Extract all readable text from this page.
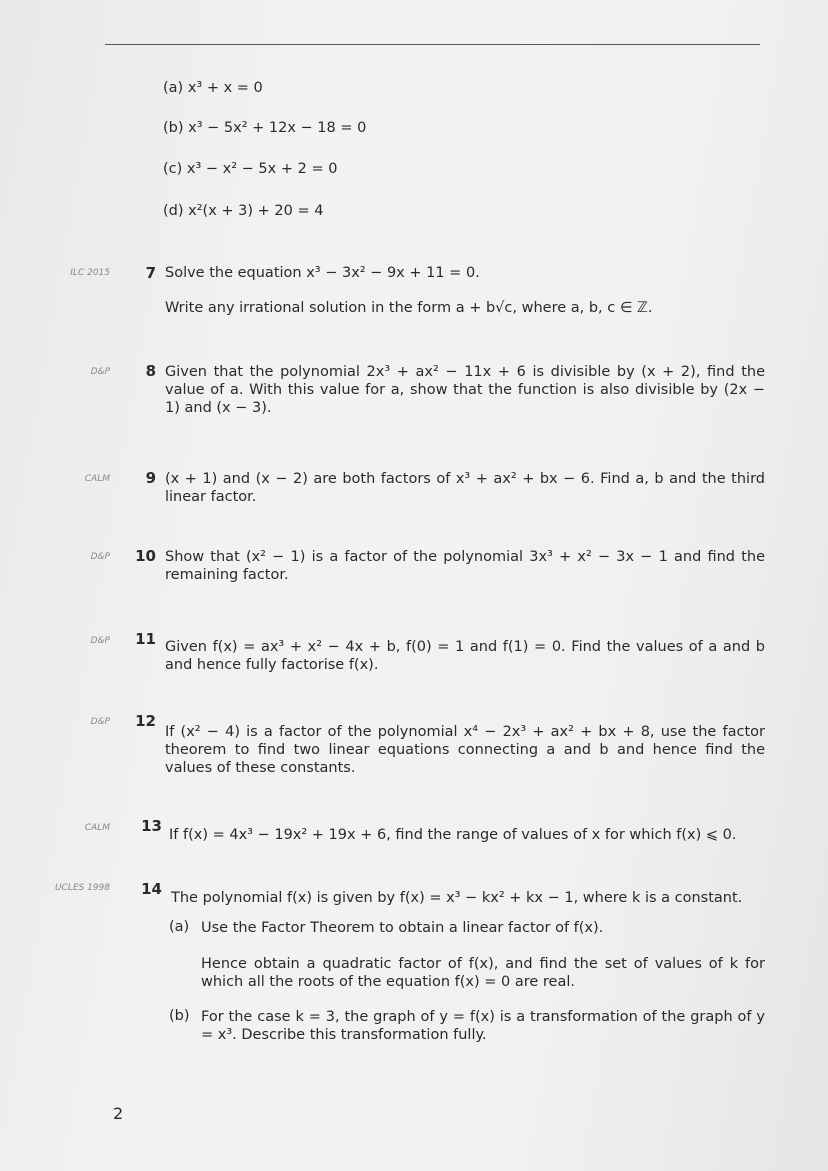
(a) x³ + x = 0
(b) x³ − 5x² + 12x − 18 = 0
(c) x³ − x² − 5x + 2 = 0
(d) x²(x + 3) + 20 = 4
ILC 2015	7 Solve the equation x³ − 3x² − 9x + 11 = 0.
Write any irrational solution in the form a + b√c, where a, b, c ∈ ℤ.
D&P	8 Given that the polynomial 2x³ + ax² − 11x + 6 is divisible by (x + 2), find the value of a. With this value for a, show that the function is also divisible by (2x − 1) and (x − 3).
CALM	9 (x + 1) and (x − 2) are both factors of x³ + ax² + bx − 6. Find a, b and the third linear factor.
D&P 10 Show that (x² − 1) is a factor of the polynomial 3x³ + x² − 3x − 1 and find the remaining factor.
D&P 11 Given f(x) = ax³ + x² − 4x + b, f(0) = 1 and f(1) = 0. Find the values of a and b and hence fully factorise f(x).
D&P 12
If (x² − 4) is a factor of the polynomial x⁴ − 2x³ + ax² + bx + 8, use the factor theorem to find two linear equations connecting a and b and hence find the values of these constants.
CALM 13 If f(x) = 4x³ − 19x² + 19x + 6, find the range of values of x for which f(x) ⩽ 0.
UCLES 1998 14 The polynomial f(x) is given by f(x) = x³ − kx² + kx − 1, where k is a constant.
(a) Use the Factor Theorem to obtain a linear factor of f(x).
Hence obtain a quadratic factor of f(x), and find the set of values of k for which all the roots of the equation f(x) = 0 are real.
(b) For the case k = 3, the graph of y = f(x) is a transformation of the graph of y = x³. Describe this transformation fully.
2
